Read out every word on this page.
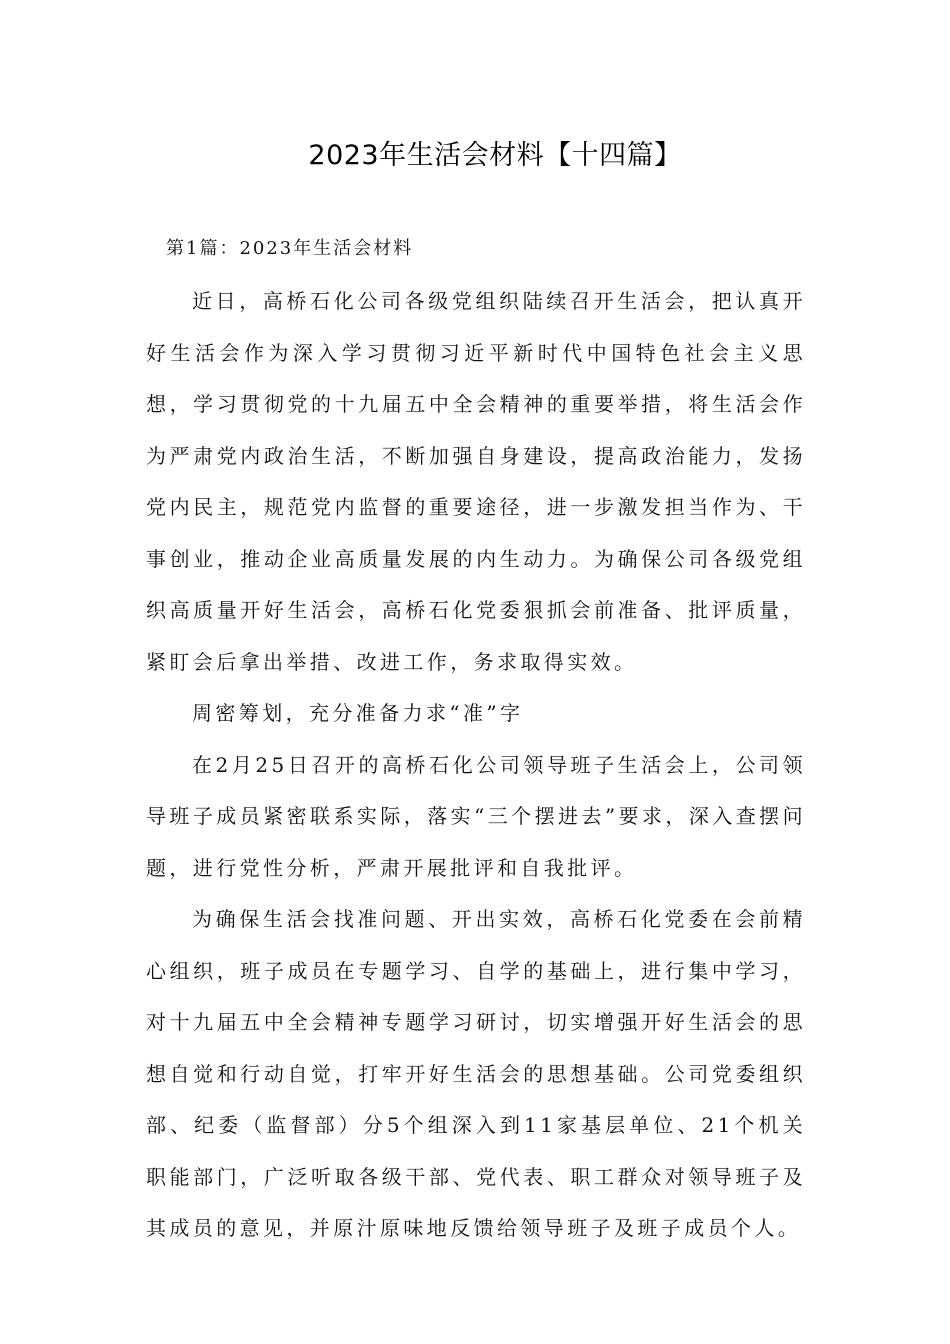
2023年生活会材料【十四篇】
第1篇：2023年生活会材料

近日，高桥石化公司各级党组织陆续召开生活会，把认真开好生活会作为深入学习贯彻习近平新时代中国特色社会主义思想，学习贯彻党的十九届五中全会精神的重要举措，将生活会作为严肃党内政治生活，不断加强自身建设，提高政治能力，发扬党内民主，规范党内监督的重要途径，进一步激发担当作为、干事创业，推动企业高质量发展的内生动力。为确保公司各级党组织高质量开好生活会，高桥石化党委狠抓会前准备、批评质量，紧盯会后拿出举措、改进工作，务求取得实效。

周密筹划，充分准备力求“准”字

在2月25日召开的高桥石化公司领导班子生活会上，公司领导班子成员紧密联系实际，落实“三个摆进去”要求，深入查摆问题，进行党性分析，严肃开展批评和自我批评。

为确保生活会找准问题、开出实效，高桥石化党委在会前精心组织，班子成员在专题学习、自学的基础上，进行集中学习，对十九届五中全会精神专题学习研讨，切实增强开好生活会的思想自觉和行动自觉，打牢开好生活会的思想基础。公司党委组织部、纪委（监督部）分5个组深入到11家基层单位、21个机关职能部门，广泛听取各级干部、党代表、职工群众对领导班子及其成员的意见，并原汁原味地反馈给领导班子及班子成员个人。
